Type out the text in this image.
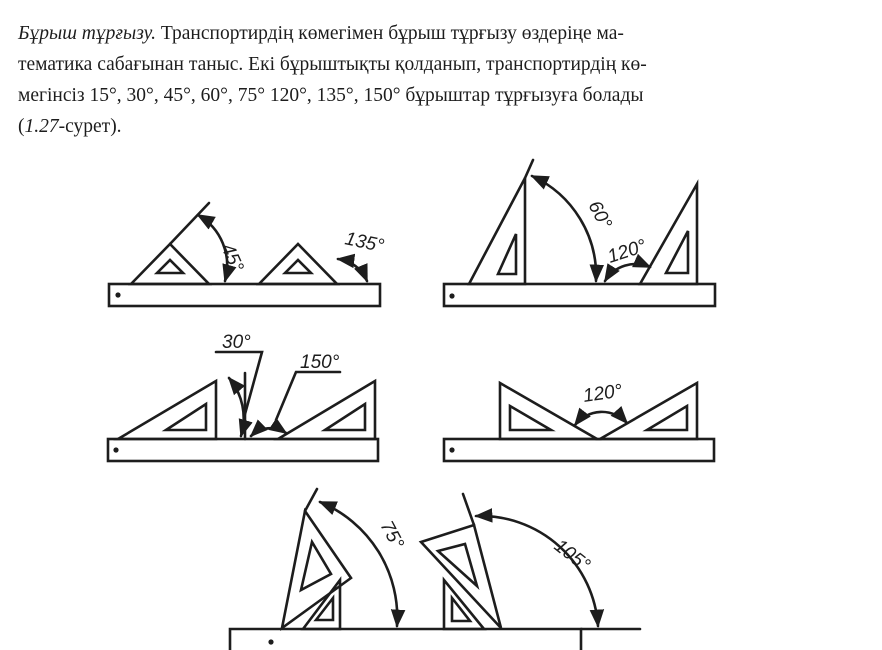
Бұрыш тұрғызу. Транспортирдің көмегімен бұрыш тұрғызу өздеріңе ма-
тематика сабағынан таныс. Екі бұрыштықты қолданып, транспортирдің кө-
мегінсіз 15°, 30°, 45°, 60°, 75° 120°, 135°, 150° бұрыштар тұрғызуға болады
(1.27-сурет).
45°	135°
60°
120°
30°
150°
120°
75°
105°
